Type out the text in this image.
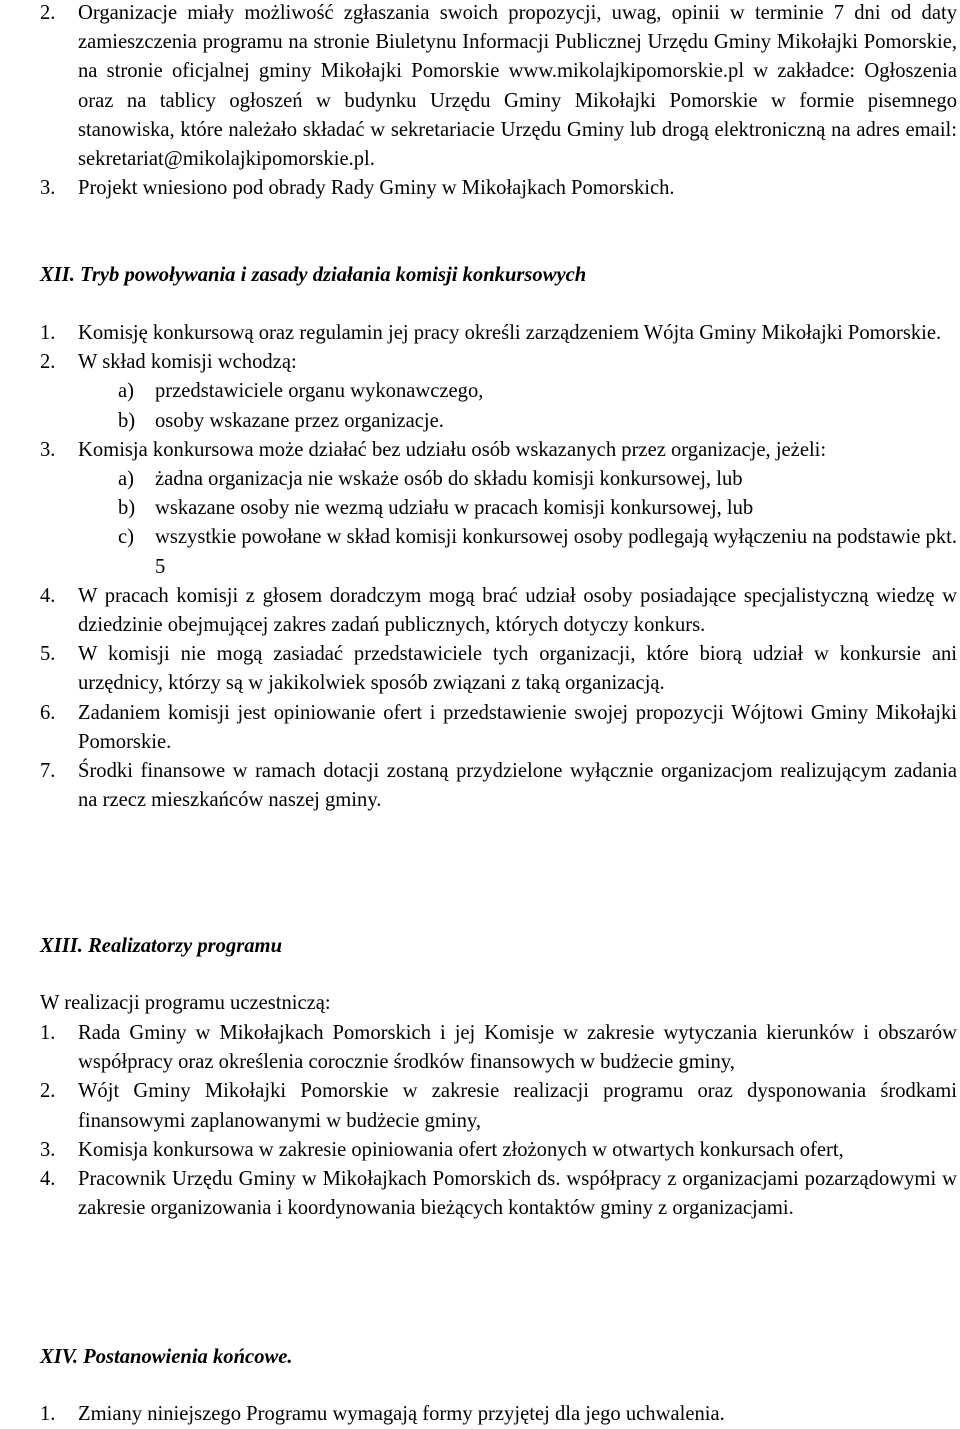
2. Organizacje miały możliwość zgłaszania swoich propozycji, uwag, opinii w terminie 7 dni od daty zamieszczenia programu na stronie Biuletynu Informacji Publicznej Urzędu Gminy Mikołajki Pomorskie, na stronie oficjalnej gminy Mikołajki Pomorskie www.mikolajkipomorskie.pl w zakładce: Ogłoszenia oraz na tablicy ogłoszeń w budynku Urzędu Gminy Mikołajki Pomorskie w formie pisemnego stanowiska, które należało składać w sekretariacie Urzędu Gminy lub drogą elektroniczną na adres email: sekretariat@mikolajkipomorskie.pl.

3. Projekt wniesiono pod obrady Rady Gminy w Mikołajkach Pomorskich.

XII. Tryb powoływania i zasady działania komisji konkursowych
1. Komisję konkursową oraz regulamin jej pracy określi zarządzeniem Wójta Gminy Mikołajki Pomorskie.

2. W skład komisji wchodzą:

a) przedstawiciele organu wykonawczego,

b) osoby wskazane przez organizacje.

3.	Komisja konkursowa może działać bez udziału osób wskazanych przez organizacje, jeżeli:

a) żadna organizacja nie wskaże osób do składu komisji konkursowej, lub

b) wskazane osoby nie wezmą udziału w pracach komisji konkursowej, lub

c) wszystkie powołane w skład komisji konkursowej osoby podlegają wyłączeniu na podstawie pkt. 5

4. W pracach komisji z głosem doradczym mogą brać udział osoby posiadające specjalistyczną wiedzę w dziedzinie obejmującej zakres zadań publicznych, których dotyczy konkurs.

5. W komisji nie mogą zasiadać przedstawiciele tych organizacji, które biorą udział w konkursie ani urzędnicy, którzy są w jakikolwiek sposób związani z taką organizacją.

6. Zadaniem komisji jest opiniowanie ofert i przedstawienie swojej propozycji Wójtowi Gminy Mikołajki Pomorskie.

7. Środki finansowe w ramach dotacji zostaną przydzielone wyłącznie organizacjom realizującym zadania na rzecz mieszkańców naszej gminy.

XIII. Realizatorzy programu

W realizacji programu uczestniczą:

1. Rada Gminy w Mikołajkach Pomorskich i jej Komisje w zakresie wytyczania kierunków i obszarów współpracy oraz określenia corocznie środków finansowych w budżecie gminy,

2. Wójt Gminy Mikołajki Pomorskie w zakresie realizacji programu oraz dysponowania środkami finansowymi zaplanowanymi w budżecie gminy,

3. Komisja konkursowa w zakresie opiniowania ofert złożonych w otwartych konkursach ofert,

4. Pracownik Urzędu Gminy w Mikołajkach Pomorskich ds. współpracy z organizacjami pozarządowymi w zakresie organizowania i koordynowania bieżących kontaktów gminy z organizacjami.

XIV. Postanowienia końcowe.
1. Zmiany niniejszego Programu wymagają formy przyjętej dla jego uchwalenia.
